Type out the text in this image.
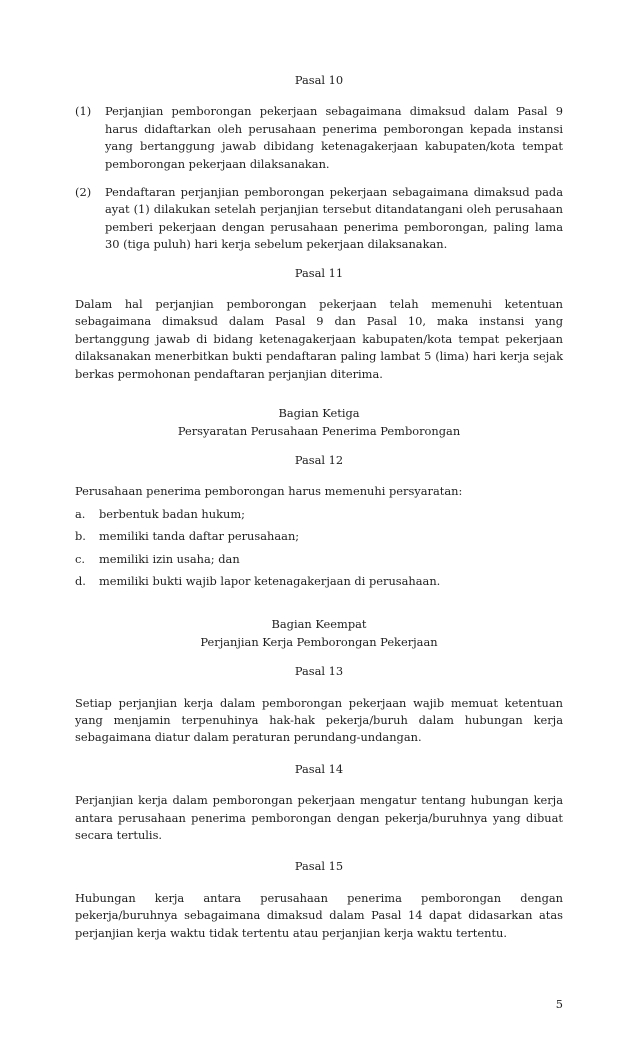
Pasal 10

(1)	Perjanjian pemborongan pekerjaan sebagaimana dimaksud dalam Pasal 9 harus didaftarkan oleh perusahaan penerima pemborongan kepada instansi yang bertanggung jawab dibidang ketenagakerjaan kabupaten/kota tempat pemborongan pekerjaan dilaksanakan.
(2)	Pendaftaran perjanjian pemborongan pekerjaan sebagaimana dimaksud pada ayat (1) dilakukan setelah perjanjian tersebut ditandatangani oleh perusahaan pemberi pekerjaan dengan perusahaan penerima pemborongan, paling lama 30 (tiga puluh) hari kerja sebelum pekerjaan dilaksanakan.

Pasal 11

Dalam hal perjanjian pemborongan pekerjaan telah memenuhi ketentuan sebagaimana dimaksud dalam Pasal 9 dan Pasal 10, maka instansi yang bertanggung jawab di bidang ketenagakerjaan kabupaten/kota tempat pekerjaan dilaksanakan menerbitkan bukti pendaftaran paling lambat 5 (lima) hari kerja sejak berkas permohonan pendaftaran perjanjian diterima.

Bagian Ketiga

Persyaratan Perusahaan Penerima Pemborongan

Pasal 12

Perusahaan penerima pemborongan harus memenuhi persyaratan:

a.	berbentuk badan hukum;
b.	memiliki tanda daftar perusahaan;
c.	memiliki izin usaha; dan
d.	memiliki bukti wajib lapor ketenagakerjaan di perusahaan.

Bagian Keempat

Perjanjian Kerja Pemborongan Pekerjaan

Pasal 13

Setiap perjanjian kerja dalam pemborongan pekerjaan wajib memuat ketentuan yang menjamin terpenuhinya hak-hak pekerja/buruh dalam hubungan kerja sebagaimana diatur dalam peraturan perundang-undangan.

Pasal 14

Perjanjian kerja dalam pemborongan pekerjaan mengatur tentang hubungan kerja antara perusahaan penerima pemborongan dengan pekerja/buruhnya yang dibuat secara tertulis.

Pasal 15

Hubungan kerja antara perusahaan penerima pemborongan dengan pekerja/buruhnya sebagaimana dimaksud dalam Pasal 14 dapat didasarkan atas perjanjian kerja waktu tidak tertentu atau perjanjian kerja waktu tertentu.

5
